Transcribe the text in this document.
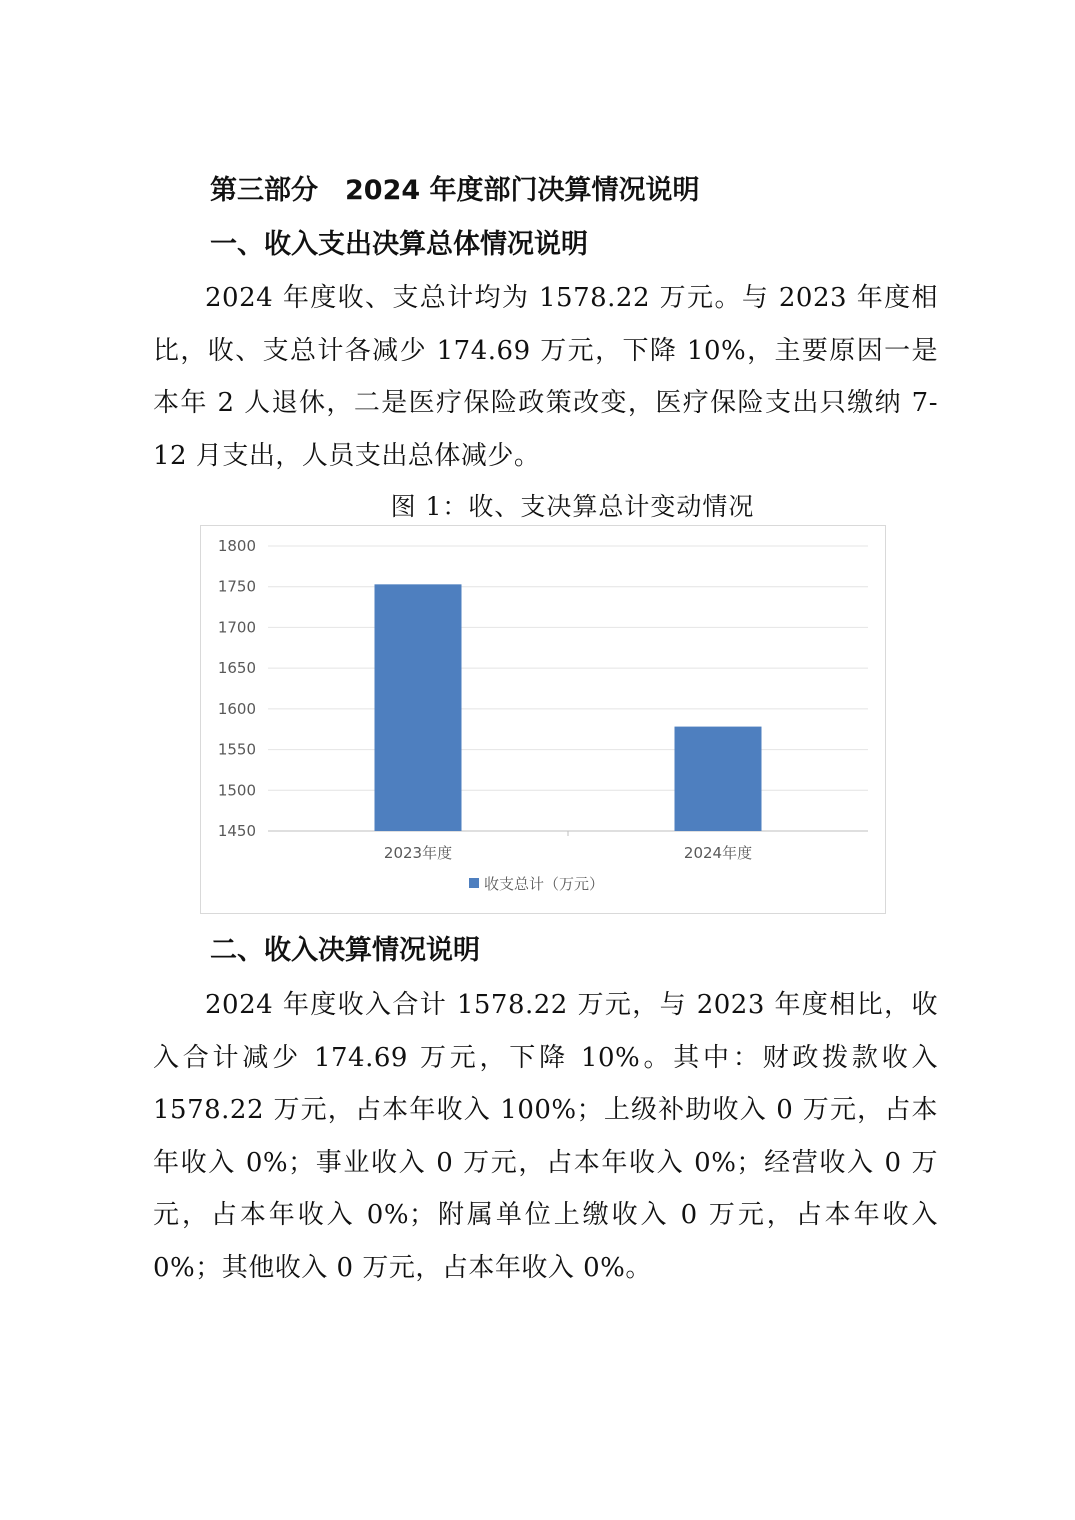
第三部分　2024 年度部门决算情况说明
一、收入支出决算总体情况说明

2024 年度收、支总计均为 1578.22 万元。与 2023 年度相比，收、支总计各减少 174.69 万元，下降 10%，主要原因一是本年 2 人退休，二是医疗保险政策改变，医疗保险支出只缴纳 7-12 月支出，人员支出总体减少。

图 1：收、支决算总计变动情况

1450
1500
1550
1600
1650
1700
1750
1800
2023年度	2024年度
收支总计（万元）
二、收入决算情况说明

2024 年度收入合计 1578.22 万元，与 2023 年度相比，收入合计减少 174.69 万元，下降 10%。其中：财政拨款收入 1578.22 万元，占本年收入 100%；上级补助收入 0 万元，占本年收入 0%；事业收入 0 万元，占本年收入 0%；经营收入 0 万元，占本年收入 0%；附属单位上缴收入 0 万元，占本年收入 0%；其他收入 0 万元，占本年收入 0%。
